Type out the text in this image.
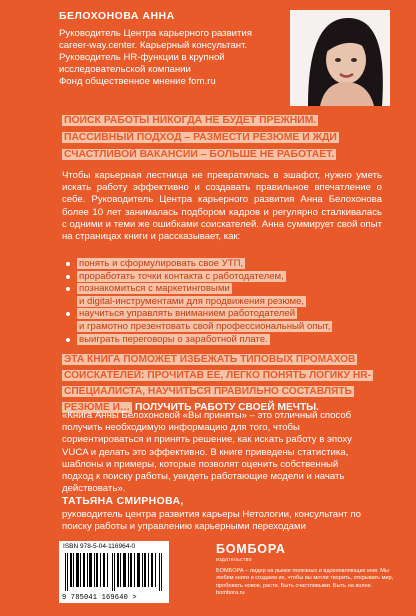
БЕЛОХОНОВА АННА

Руководитель Центра карьерного развития
career-way.center. Карьерный консультант.
Руководитель HR-функции в крупной
исследовательской компании
Фонд общественное мнение fom.ru

ПОИСК РАБОТЫ НИКОГДА НЕ БУДЕТ ПРЕЖНИМ. ПАССИВНЫЙ ПОДХОД – РАЗМЕСТИ РЕЗЮМЕ И ЖДИ СЧАСТЛИВОЙ ВАКАНСИИ – БОЛЬШЕ НЕ РАБОТАЕТ.

Чтобы карьерная лестница не превратилась в эшафот, нужно уметь искать работу эффективно и создавать правильное впечатление о себе. Руководитель Центра карьерного развития Анна Белохонова более 10 лет занималась подбором кадров и регулярно сталкивалась с одними и теми же ошибками соискателей. Анна суммирует свой опыт на страницах книги и рассказывает, как:

понять и сформулировать свое УТП,
проработать точки контакта с работодателем,
познакомиться с маркетинговыми
и digital-инструментами для продвижения резюме,
научиться управлять вниманием работодателей
и грамотно презентовать свой профессиональный опыт,
выиграть переговоры о заработной плате.
ЭТА КНИГА ПОМОЖЕТ ИЗБЕЖАТЬ ТИПОВЫХ ПРОМАХОВ СОИСКАТЕЛЕЙ: ПРОЧИТАВ ЕЕ, ЛЕГКО ПОНЯТЬ ЛОГИКУ HR-СПЕЦИАЛИСТА, НАУЧИТЬСЯ ПРАВИЛЬНО СОСТАВЛЯТЬ РЕЗЮМЕ И… ПОЛУЧИТЬ РАБОТУ СВОЕЙ МЕЧТЫ.

«Книга Анны Белохоновой «Вы приняты» – это отличный способ получить необходимую информацию для того, чтобы сориентироваться и принять решение, как искать работу в эпоху VUCA и делать это эффективно. В книге приведены статистика, шаблоны и примеры, которые позволят оценить собственный подход к поиску работы, увидеть работающие модели и начать действовать».

ТАТЬЯНА СМИРНОВА,

руководитель центра развития карьеры Нетологии, консультант по поиску работы и управлению карьерными переходами

ISBN 978-5-04-116964-0
9 785041 169640 >
БОМБОРА
издательство

БОМБОРА – лидер на рынке полезных и вдохновляющих книг. Мы любим книги и создаем их, чтобы вы могли творить, открывать мир, пробовать новое, расти. Быть счастливыми. Быть на волне. bombora.ru
